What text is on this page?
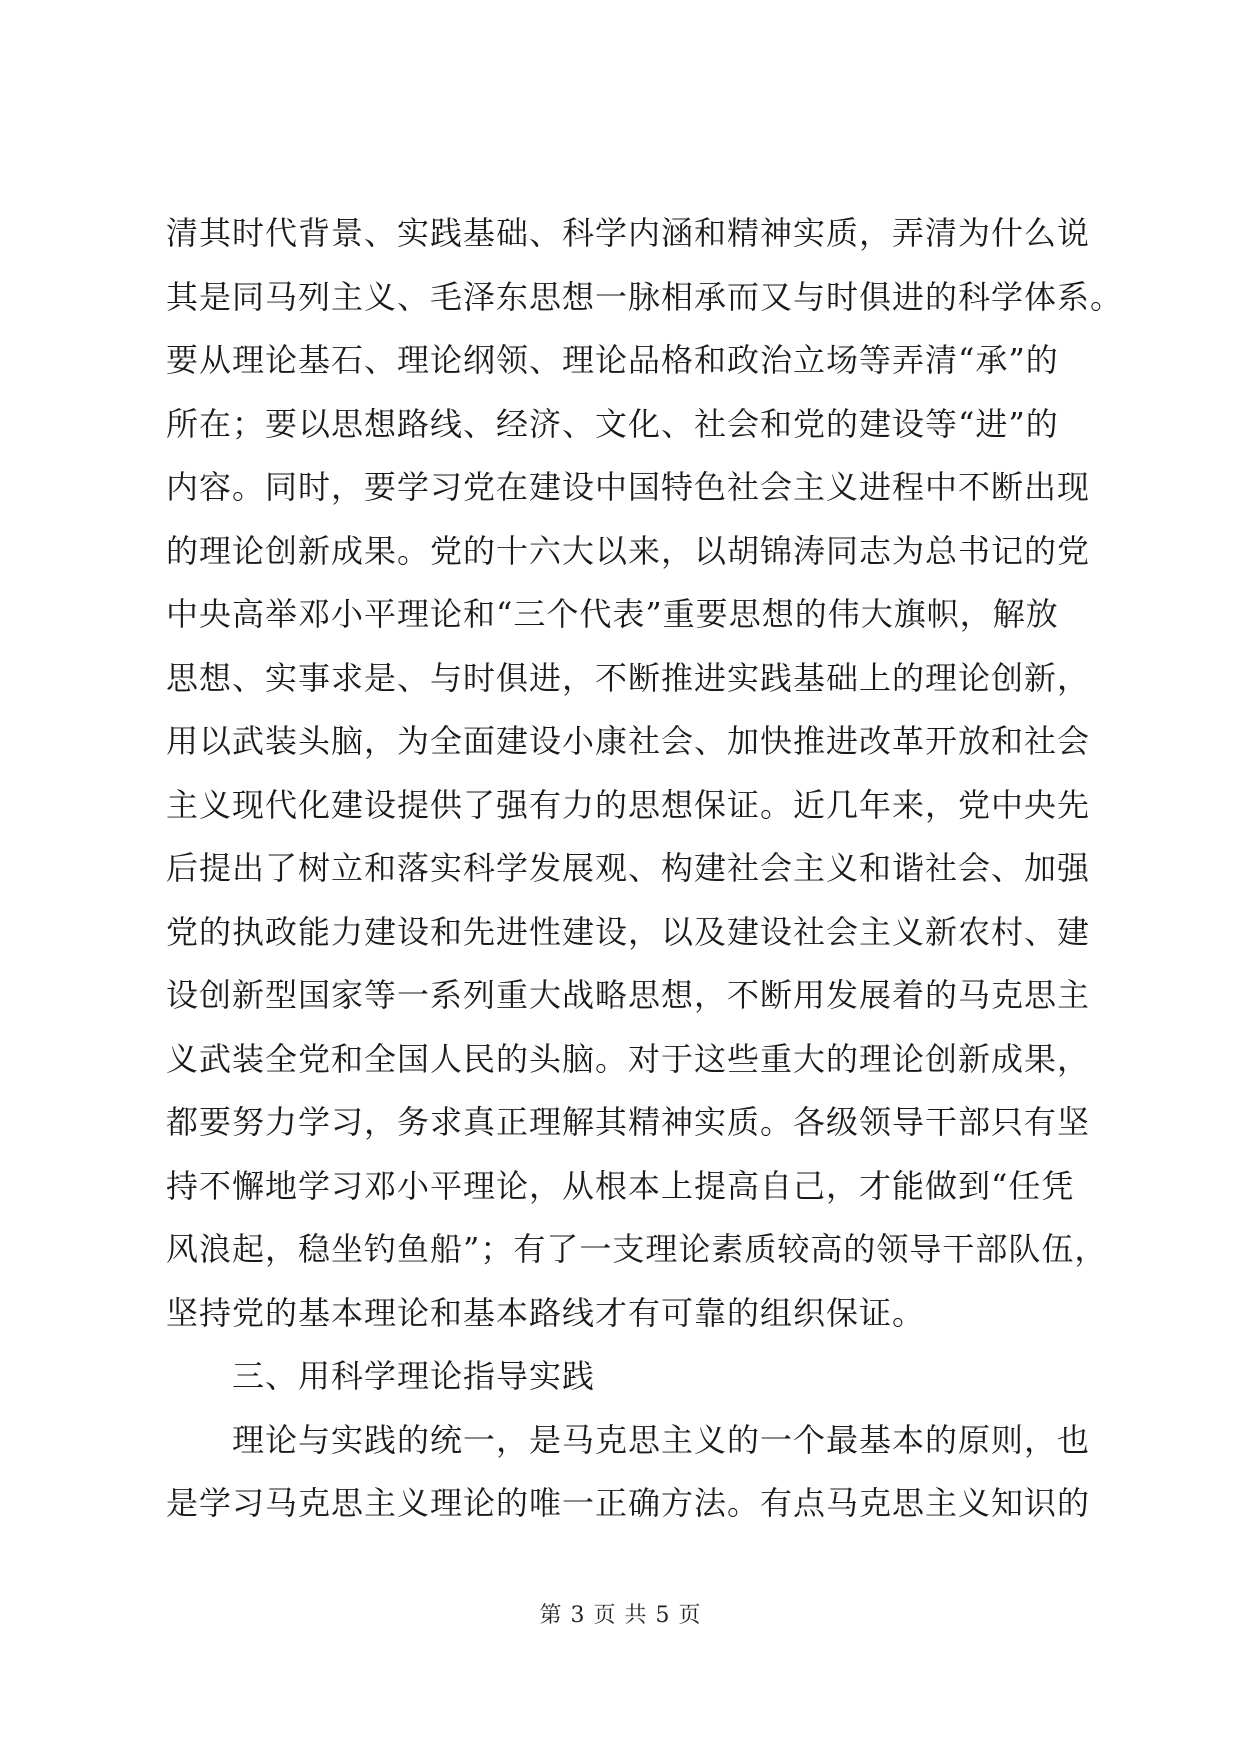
清其时代背景、实践基础、科学内涵和精神实质，弄清为什么说
其是同马列主义、毛泽东思想一脉相承而又与时俱进的科学体系。
要从理论基石、理论纲领、理论品格和政治立场等弄清“承”的
所在；要以思想路线、经济、文化、社会和党的建设等“进”的
内容。同时，要学习党在建设中国特色社会主义进程中不断出现
的理论创新成果。党的十六大以来，以胡锦涛同志为总书记的党
中央高举邓小平理论和“三个代表”重要思想的伟大旗帜，解放
思想、实事求是、与时俱进，不断推进实践基础上的理论创新，
用以武装头脑，为全面建设小康社会、加快推进改革开放和社会
主义现代化建设提供了强有力的思想保证。近几年来，党中央先
后提出了树立和落实科学发展观、构建社会主义和谐社会、加强
党的执政能力建设和先进性建设，以及建设社会主义新农村、建
设创新型国家等一系列重大战略思想，不断用发展着的马克思主
义武装全党和全国人民的头脑。对于这些重大的理论创新成果，
都要努力学习，务求真正理解其精神实质。各级领导干部只有坚
持不懈地学习邓小平理论，从根本上提高自己，才能做到“任凭
风浪起，稳坐钓鱼船”；有了一支理论素质较高的领导干部队伍，
坚持党的基本理论和基本路线才有可靠的组织保证。
三、用科学理论指导实践
理论与实践的统一，是马克思主义的一个最基本的原则，也
是学习马克思主义理论的唯一正确方法。有点马克思主义知识的
第 3 页 共 5 页
